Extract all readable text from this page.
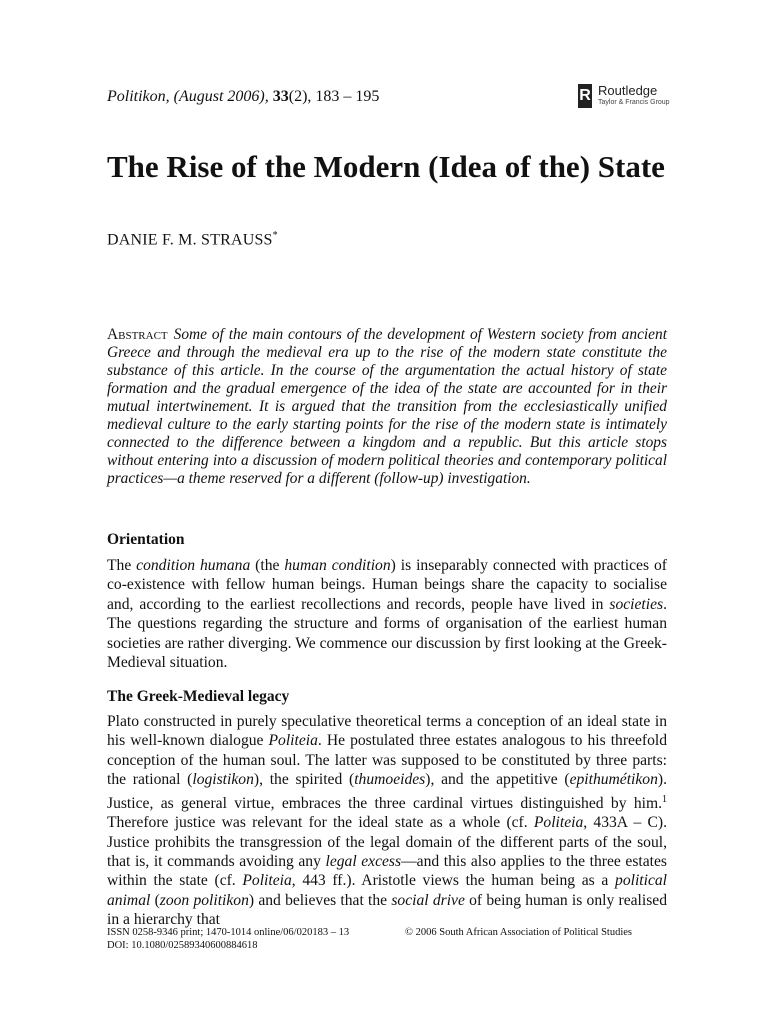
Politikon, (August 2006), 33(2), 183 – 195	R Routledge
Taylor & Francis Group
The Rise of the Modern (Idea of the) State
DANIE F. M. STRAUSS*

Abstract Some of the main contours of the development of Western society from ancient Greece and through the medieval era up to the rise of the modern state constitute the substance of this article. In the course of the argumentation the actual history of state formation and the gradual emergence of the idea of the state are accounted for in their mutual intertwinement. It is argued that the transition from the ecclesiastically unified medieval culture to the early starting points for the rise of the modern state is intimately connected to the difference between a kingdom and a republic. But this article stops without entering into a discussion of modern political theories and contemporary political practices—a theme reserved for a different (follow-up) investigation.

Orientation

The condition humana (the human condition) is inseparably connected with practices of co-existence with fellow human beings. Human beings share the capacity to socialise and, according to the earliest recollections and records, people have lived in societies. The questions regarding the structure and forms of organisation of the earliest human societies are rather diverging. We commence our discussion by first looking at the Greek-Medieval situation.

The Greek-Medieval legacy

Plato constructed in purely speculative theoretical terms a conception of an ideal state in his well-known dialogue Politeia. He postulated three estates analogous to his threefold conception of the human soul. The latter was supposed to be constituted by three parts: the rational (logistikon), the spirited (thumoeides), and the appetitive (epithumétikon). Justice, as general virtue, embraces the three cardinal virtues distinguished by him.$^1$ Therefore justice was relevant for the ideal state as a whole (cf. Politeia, 433A – C). Justice prohibits the transgression of the legal domain of the different parts of the soul, that is, it commands avoiding any legal excess—and this also applies to the three estates within the state (cf. Politeia, 443 ff.). Aristotle views the human being as a political animal (zoon politikon) and believes that the social drive of being human is only realised in a hierarchy that

ISSN 0258-9346 print; 1470-1014 online/06/020183 – 13	© 2006 South African Association of Political Studies
DOI: 10.1080/02589340600884618
